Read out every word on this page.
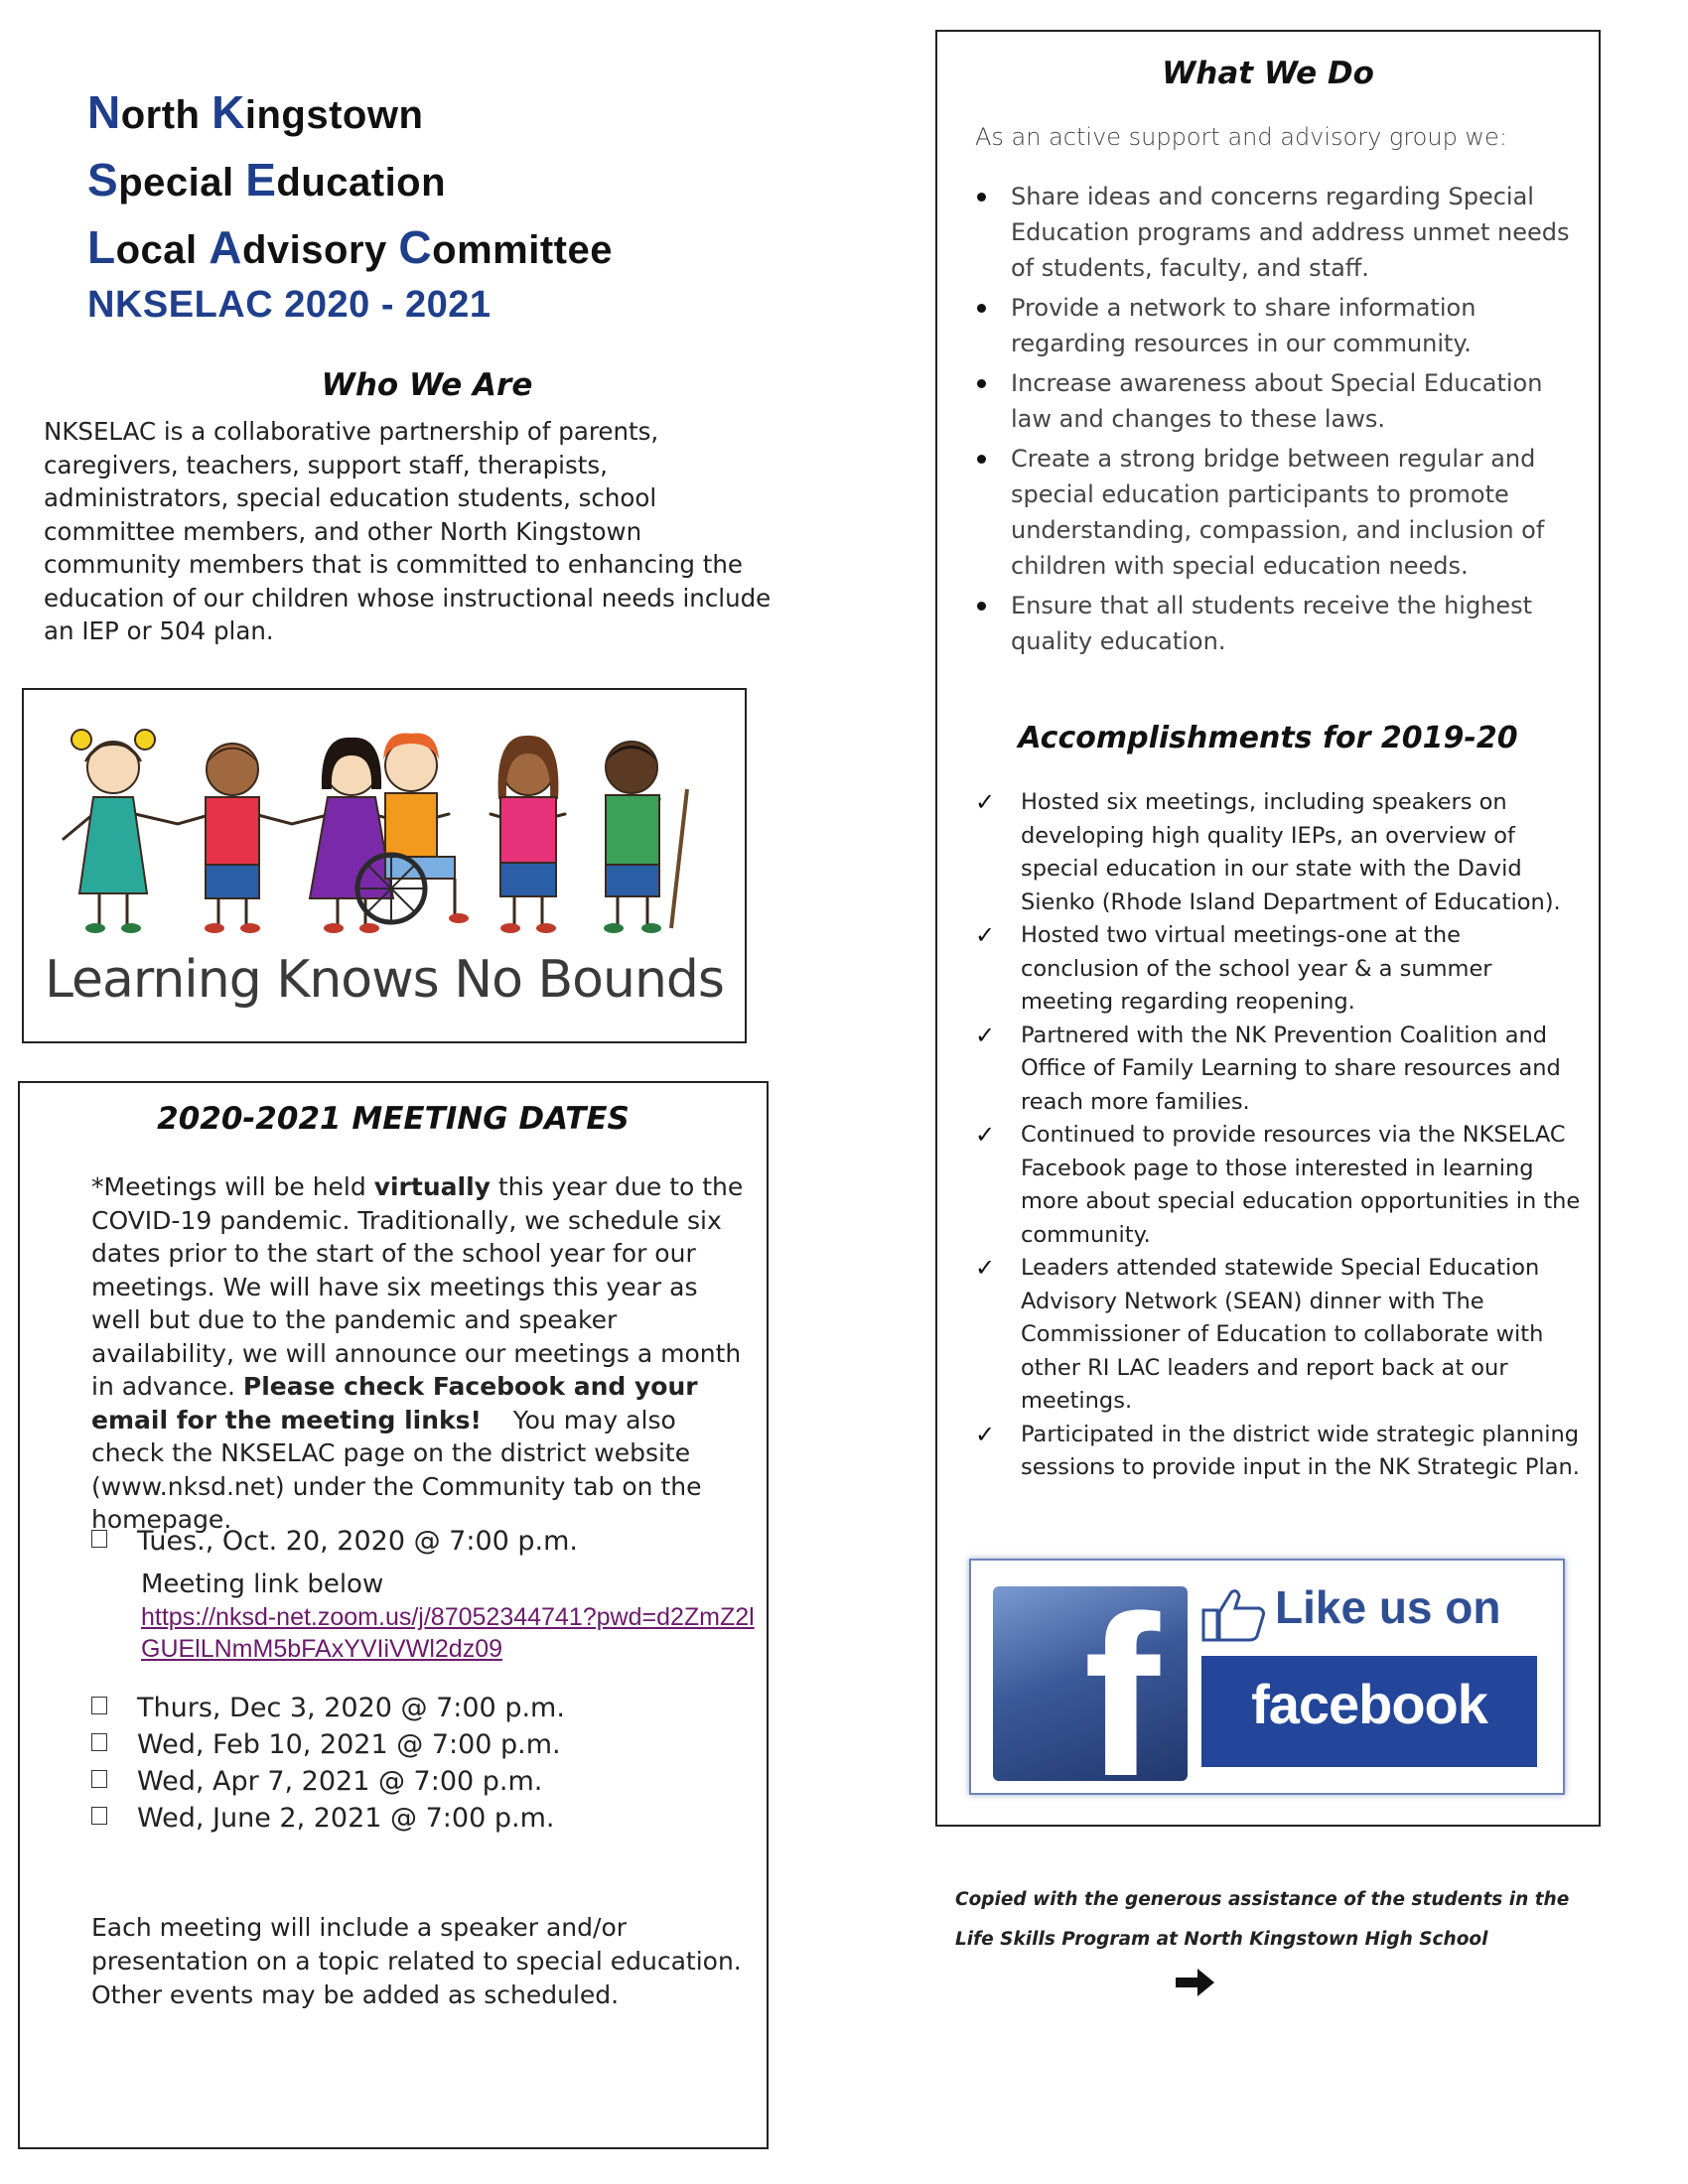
North Kingstown
Special Education
Local Advisory Committee
NKSELAC 2020 - 2021
Who We Are
NKSELAC is a collaborative partnership of parents, caregivers, teachers, support staff, therapists, administrators, special education students, school committee members, and other North Kingstown community members that is committed to enhancing the education of our children whose instructional needs include an IEP or 504 plan.
Learning Knows No Bounds
2020-2021 MEETING DATES
*Meetings will be held virtually this year due to the COVID-19 pandemic. Traditionally, we schedule six dates prior to the start of the school year for our meetings. We will have six meetings this year as well but due to the pandemic and speaker availability, we will announce our meetings a month in advance. Please check Facebook and your email for the meeting links!    You may also check the NKSELAC page on the district website (www.nksd.net) under the Community tab on the homepage.
Tues., Oct. 20, 2020 @ 7:00 p.m.
Meeting link below
https://nksd-net.zoom.us/j/87052344741?pwd=d2ZmZ2lGUElLNmM5bFAxYVIiVWl2dz09
Thurs, Dec 3, 2020 @ 7:00 p.m.
Wed, Feb 10, 2021 @ 7:00 p.m.
Wed, Apr 7, 2021 @ 7:00 p.m.
Wed, June 2, 2021 @ 7:00 p.m.
Each meeting will include a speaker and/or presentation on a topic related to special education. Other events may be added as scheduled.
What We Do
As an active support and advisory group we:
Share ideas and concerns regarding Special Education programs and address unmet needs of students, faculty, and staff.
Provide a network to share information regarding resources in our community.
Increase awareness about Special Education law and changes to these laws.
Create a strong bridge between regular and special education participants to promote understanding, compassion, and inclusion of children with special education needs.
Ensure that all students receive the highest quality education.
Accomplishments for 2019-20
✓ Hosted six meetings, including speakers on developing high quality IEPs, an overview of special education in our state with the David Sienko (Rhode Island Department of Education).
✓ Hosted two virtual meetings-one at the conclusion of the school year & a summer meeting regarding reopening.
✓ Partnered with the NK Prevention Coalition and Office of Family Learning to share resources and reach more families.
✓ Continued to provide resources via the NKSELAC Facebook page to those interested in learning more about special education opportunities in the community.
✓ Leaders attended statewide Special Education Advisory Network (SEAN) dinner with The Commissioner of Education to collaborate with other RI LAC leaders and report back at our meetings.
✓ Participated in the district wide strategic planning sessions to provide input in the NK Strategic Plan.
f	Like us on
facebook
Copied with the generous assistance of the students in the Life Skills Program at North Kingstown High School
